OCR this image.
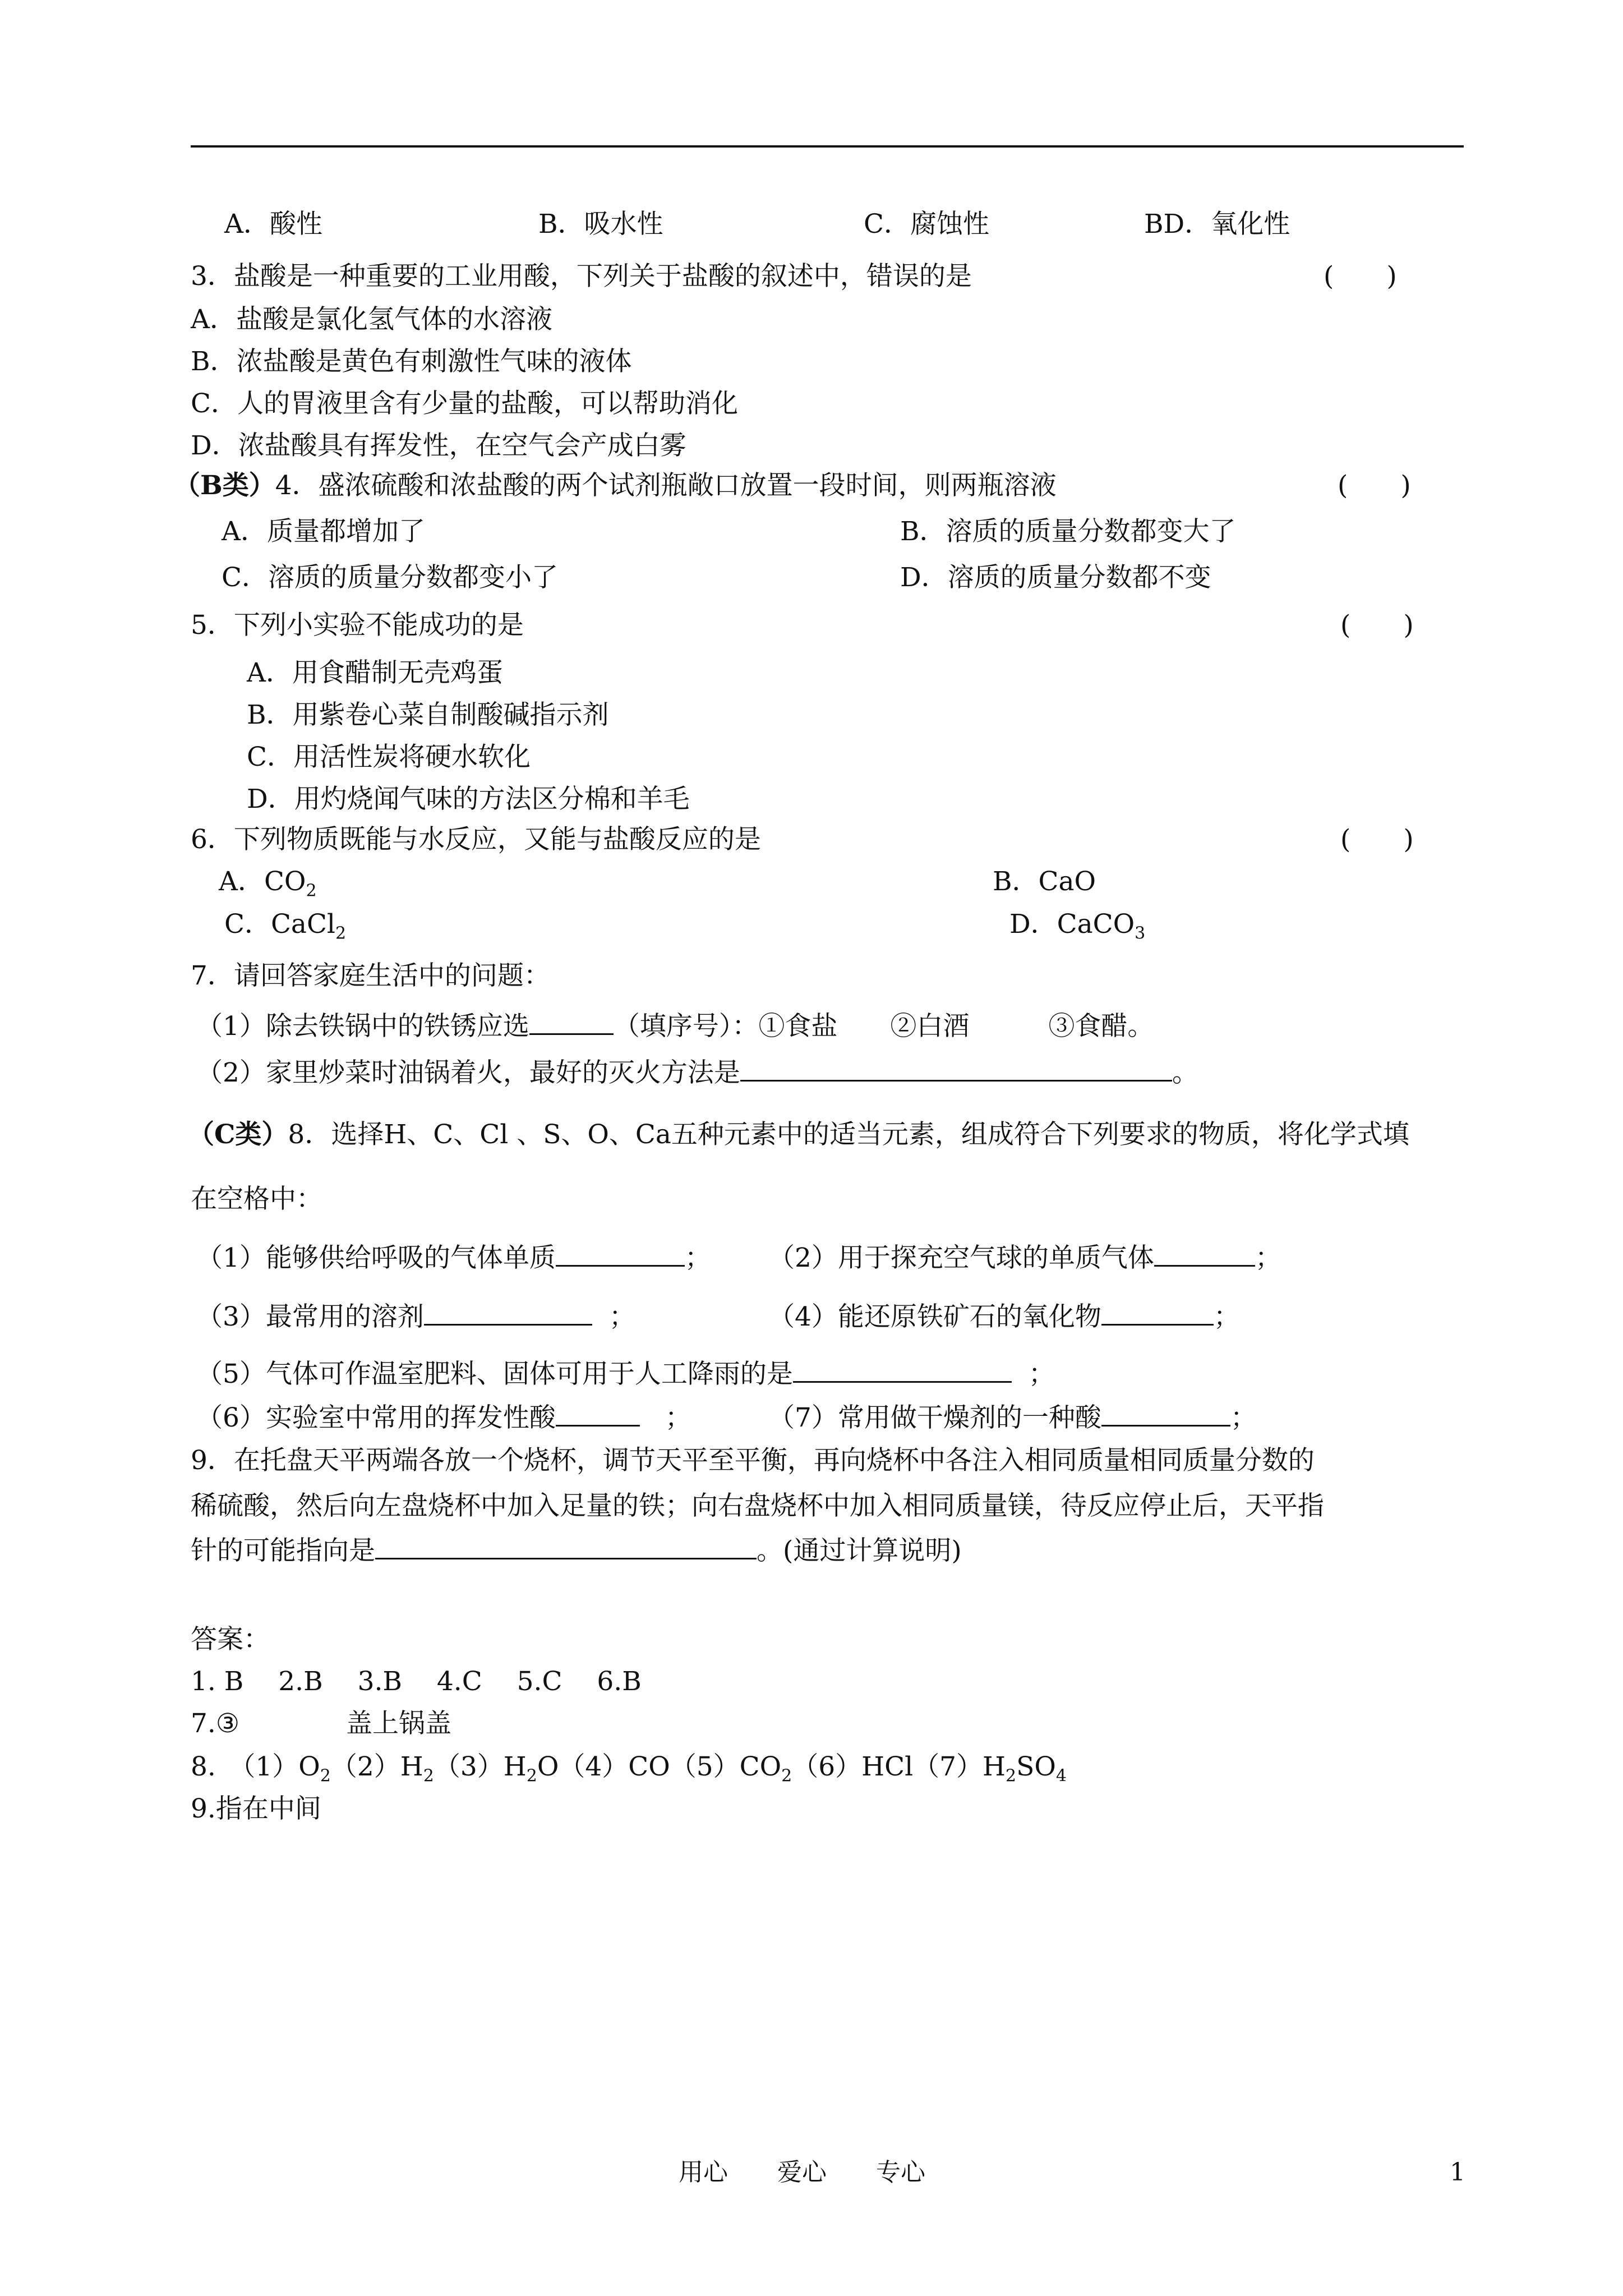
A．酸性	B．吸水性	C．腐蚀性	BD．氧化性
3．盐酸是一种重要的工业用酸，下列关于盐酸的叙述中，错误的是	(　　)
A．盐酸是氯化氢气体的水溶液
B．浓盐酸是黄色有刺激性气味的液体
C．人的胃液里含有少量的盐酸，可以帮助消化
D．浓盐酸具有挥发性，在空气会产成白雾
（B类）4．盛浓硫酸和浓盐酸的两个试剂瓶敞口放置一段时间，则两瓶溶液	(　　)
A．质量都增加了	B．溶质的质量分数都变大了
C．溶质的质量分数都变小了	D．溶质的质量分数都不变
5．下列小实验不能成功的是	(　　)
A．用食醋制无壳鸡蛋
B．用紫卷心菜自制酸碱指示剂
C．用活性炭将硬水软化
D．用灼烧闻气味的方法区分棉和羊毛
6．下列物质既能与水反应，又能与盐酸反应的是	(　　)
A．$CO_2$	B．CaO
C．CaCl$_2$	D．CaCO$_3$
7．请回答家庭生活中的问题：
（1）除去铁锅中的铁锈应选	（填序号）：①食盐　　②白酒　　　③食醋。
（2）家里炒菜时油锅着火，最好的灭火方法是	。
（C类）8．选择H、C、Cl 、S、O、Ca五种元素中的适当元素，组成符合下列要求的物质，将化学式填
在空格中：
（1）能够供给呼吸的气体单质	； （2）用于探充空气球的单质气体	；
（3）最常用的溶剂	；	（4）能还原铁矿石的氧化物	；
（5）气体可作温室肥料、固体可用于人工降雨的是	；
（6）实验室中常用的挥发性酸	；	（7）常用做干燥剂的一种酸	；
9．在托盘天平两端各放一个烧杯，调节天平至平衡，再向烧杯中各注入相同质量相同质量分数的
稀硫酸，然后向左盘烧杯中加入足量的铁；向右盘烧杯中加入相同质量镁，待反应停止后，天平指
针的可能指向是	。(通过计算说明)
答案：
1. B　 2.B　 3.B　 4.C　 5.C　 6.B
7.③	盖上锅盖
8.　$(1)O_2(2)H_2(3)H_2O(4)CO(5)CO_2(6)HCl(7)H_2SO_4$
9.指在中间
用心　　爱心　　专心	1
